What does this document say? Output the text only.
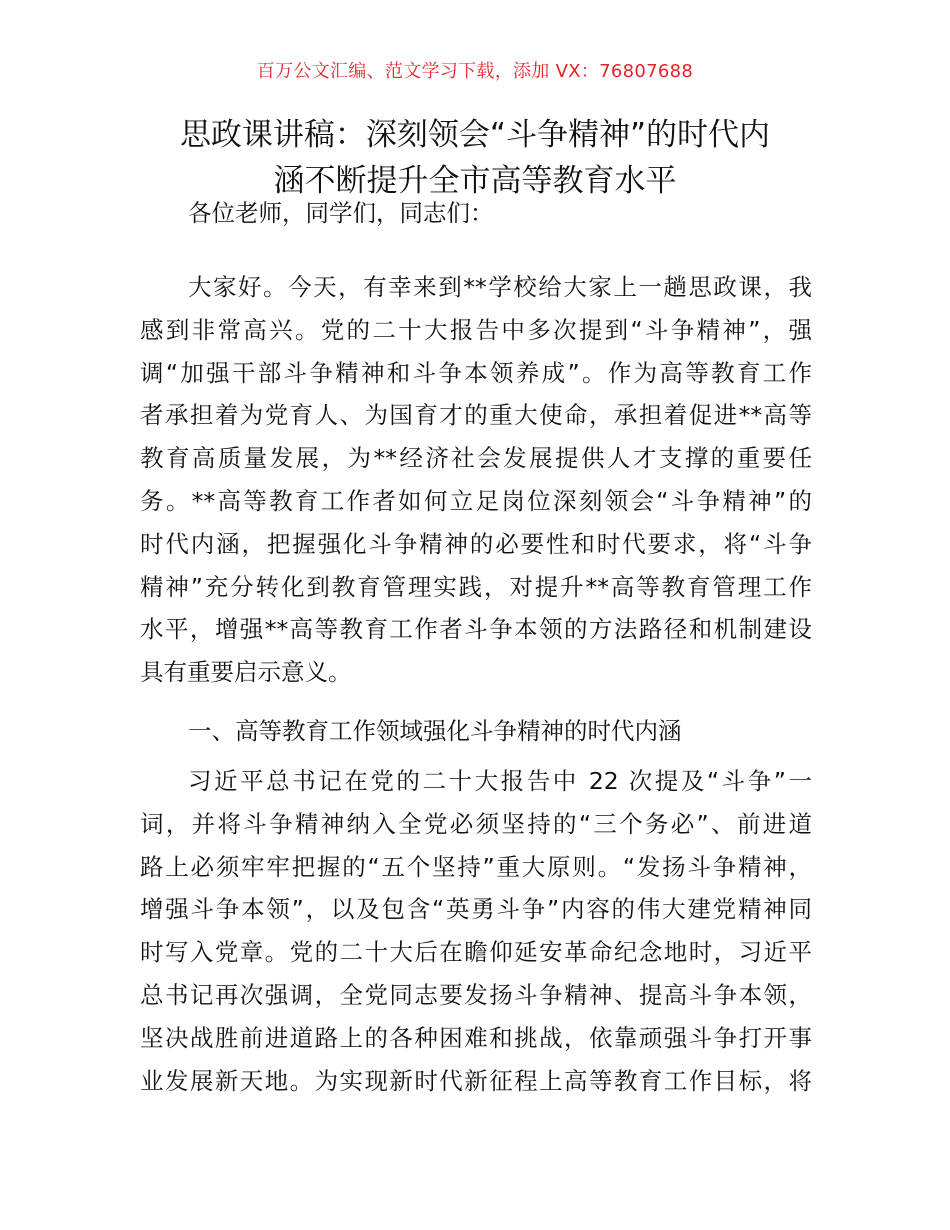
百万公文汇编、范文学习下载，添加 VX：76807688
思政课讲稿：深刻领会“斗争精神”的时代内
涵不断提升全市高等教育水平
各位老师，同学们，同志们：
大家好。今天，有幸来到**学校给大家上一趟思政课，我
感到非常高兴。党的二十大报告中多次提到“斗争精神”，强
调“加强干部斗争精神和斗争本领养成”。作为高等教育工作
者承担着为党育人、为国育才的重大使命，承担着促进**高等
教育高质量发展，为**经济社会发展提供人才支撑的重要任
务。**高等教育工作者如何立足岗位深刻领会“斗争精神”的
时代内涵，把握强化斗争精神的必要性和时代要求，将“斗争
精神”充分转化到教育管理实践，对提升**高等教育管理工作
水平，增强**高等教育工作者斗争本领的方法路径和机制建设
具有重要启示意义。
一、高等教育工作领域强化斗争精神的时代内涵
习近平总书记在党的二十大报告中 22 次提及“斗争”一
词，并将斗争精神纳入全党必须坚持的“三个务必”、前进道
路上必须牢牢把握的“五个坚持”重大原则。“发扬斗争精神，
增强斗争本领”，以及包含“英勇斗争”内容的伟大建党精神同
时写入党章。党的二十大后在瞻仰延安革命纪念地时，习近平
总书记再次强调，全党同志要发扬斗争精神、提高斗争本领，
坚决战胜前进道路上的各种困难和挑战，依靠顽强斗争打开事
业发展新天地。为实现新时代新征程上高等教育工作目标，将
